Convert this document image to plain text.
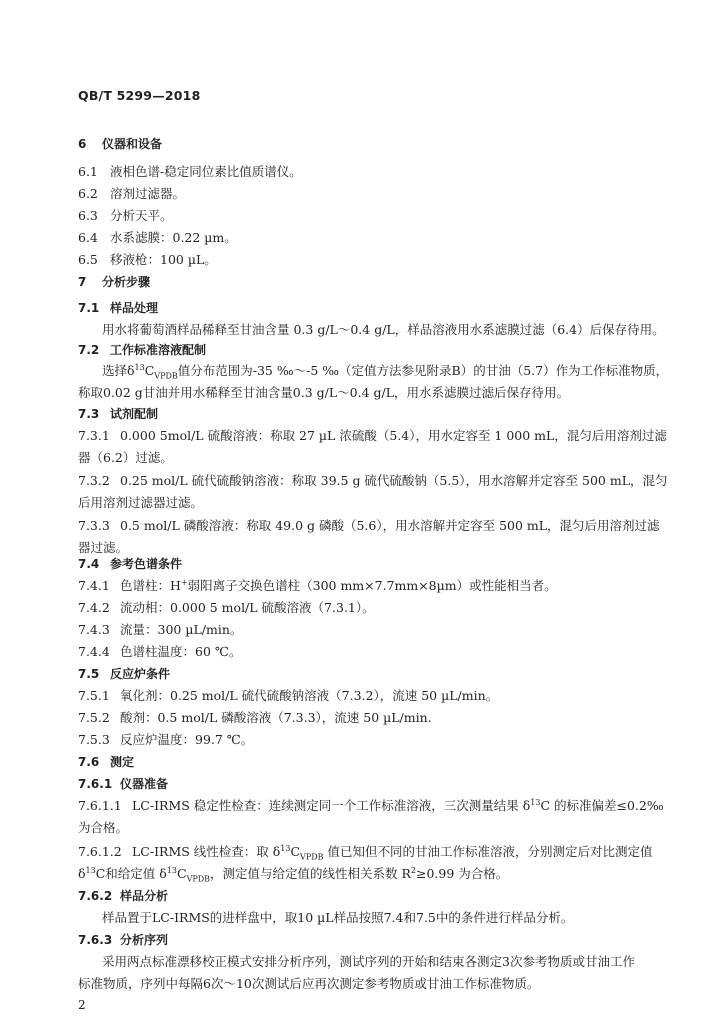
QB/T 5299—2018
6 仪器和设备
6.1 液相色谱-稳定同位素比值质谱仪。
6.2 溶剂过滤器。
6.3 分析天平。
6.4 水系滤膜：0.22 µm。
6.5 移液枪：100 µL。
7 分析步骤
7.1 样品处理
用水将葡萄酒样品稀释至甘油含量 0.3 g/L～0.4 g/L，样品溶液用水系滤膜过滤（6.4）后保存待用。
7.2 工作标准溶液配制
选择$\delta^{13}C_{VPDB}$值分布范围为-35 ‰～-5 ‰（定值方法参见附录B）的甘油（5.7）作为工作标准物质，
称取0.02 g甘油并用水稀释至甘油含量0.3 g/L～0.4 g/L，用水系滤膜过滤后保存待用。
7.3 试剂配制
7.3.1 0.000 5mol/L 硫酸溶液：称取 27 µL 浓硫酸（5.4），用水定容至 1 000 mL，混匀后用溶剂过滤
器（6.2）过滤。
7.3.2 0.25 mol/L 硫代硫酸钠溶液：称取 39.5 g 硫代硫酸钠（5.5），用水溶解并定容至 500 mL，混匀
后用溶剂过滤器过滤。
7.3.3 0.5 mol/L 磷酸溶液：称取 49.0 g 磷酸（5.6），用水溶解并定容至 500 mL，混匀后用溶剂过滤
器过滤。
7.4 参考色谱条件
7.4.1 色谱柱：H+弱阳离子交换色谱柱（300 mm×7.7mm×8µm）或性能相当者。
7.4.2 流动相：0.000 5 mol/L 硫酸溶液（7.3.1）。
7.4.3 流量：300 µL/min。
7.4.4 色谱柱温度：60 ℃。
7.5 反应炉条件
7.5.1 氧化剂：0.25 mol/L 硫代硫酸钠溶液（7.3.2），流速 50 µL/min。
7.5.2 酸剂：0.5 mol/L 磷酸溶液（7.3.3），流速 50 µL/min.
7.5.3 反应炉温度：99.7 ℃。
7.6 测定
7.6.1 仪器准备
7.6.1.1 LC-IRMS 稳定性检查：连续测定同一个工作标准溶液，三次测量结果 $\delta^{13}C$ 的标准偏差≤0.2‰
为合格。
7.6.1.2 LC-IRMS 线性检查：取 $\delta^{13}C_{VPDB}$ 值已知但不同的甘油工作标准溶液，分别测定后对比测定值
$\delta^{13}C$和给定值 $\delta^{13}C_{VPDB}$，测定值与给定值的线性相关系数 $R^2\ge 0.99$ 为合格。
7.6.2 样品分析
样品置于LC-IRMS的进样盘中，取10 µL样品按照7.4和7.5中的条件进行样品分析。
7.6.3 分析序列
采用两点标准漂移校正模式安排分析序列，测试序列的开始和结束各测定3次参考物质或甘油工作
标准物质，序列中每隔6次～10次测试后应再次测定参考物质或甘油工作标准物质。
2
